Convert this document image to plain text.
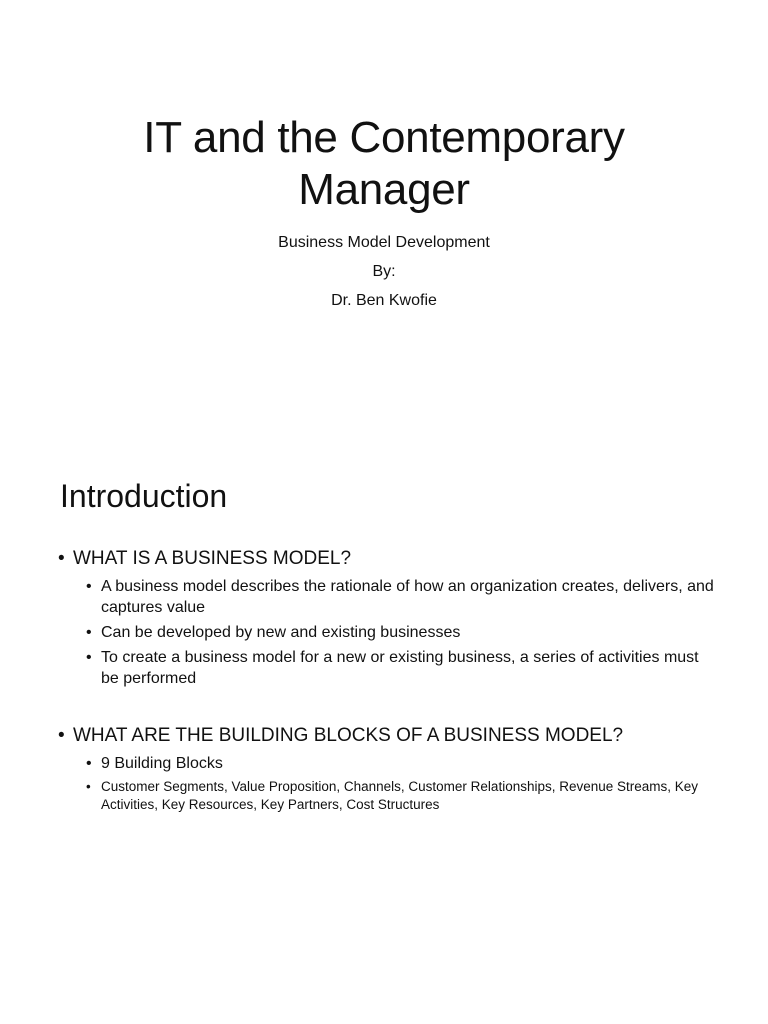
IT and the Contemporary
Manager
Business Model Development
By:
Dr. Ben Kwofie
Introduction
• WHAT IS A BUSINESS MODEL?
• A business model describes the rationale of how an organization creates, delivers, and captures value
• Can be developed by new and existing businesses
• To create a business model for a new or existing business, a series of activities must be performed
• WHAT ARE THE BUILDING BLOCKS OF A BUSINESS MODEL?
• 9 Building Blocks
• Customer Segments, Value Proposition, Channels, Customer Relationships, Revenue Streams, Key Activities, Key Resources, Key Partners, Cost Structures
